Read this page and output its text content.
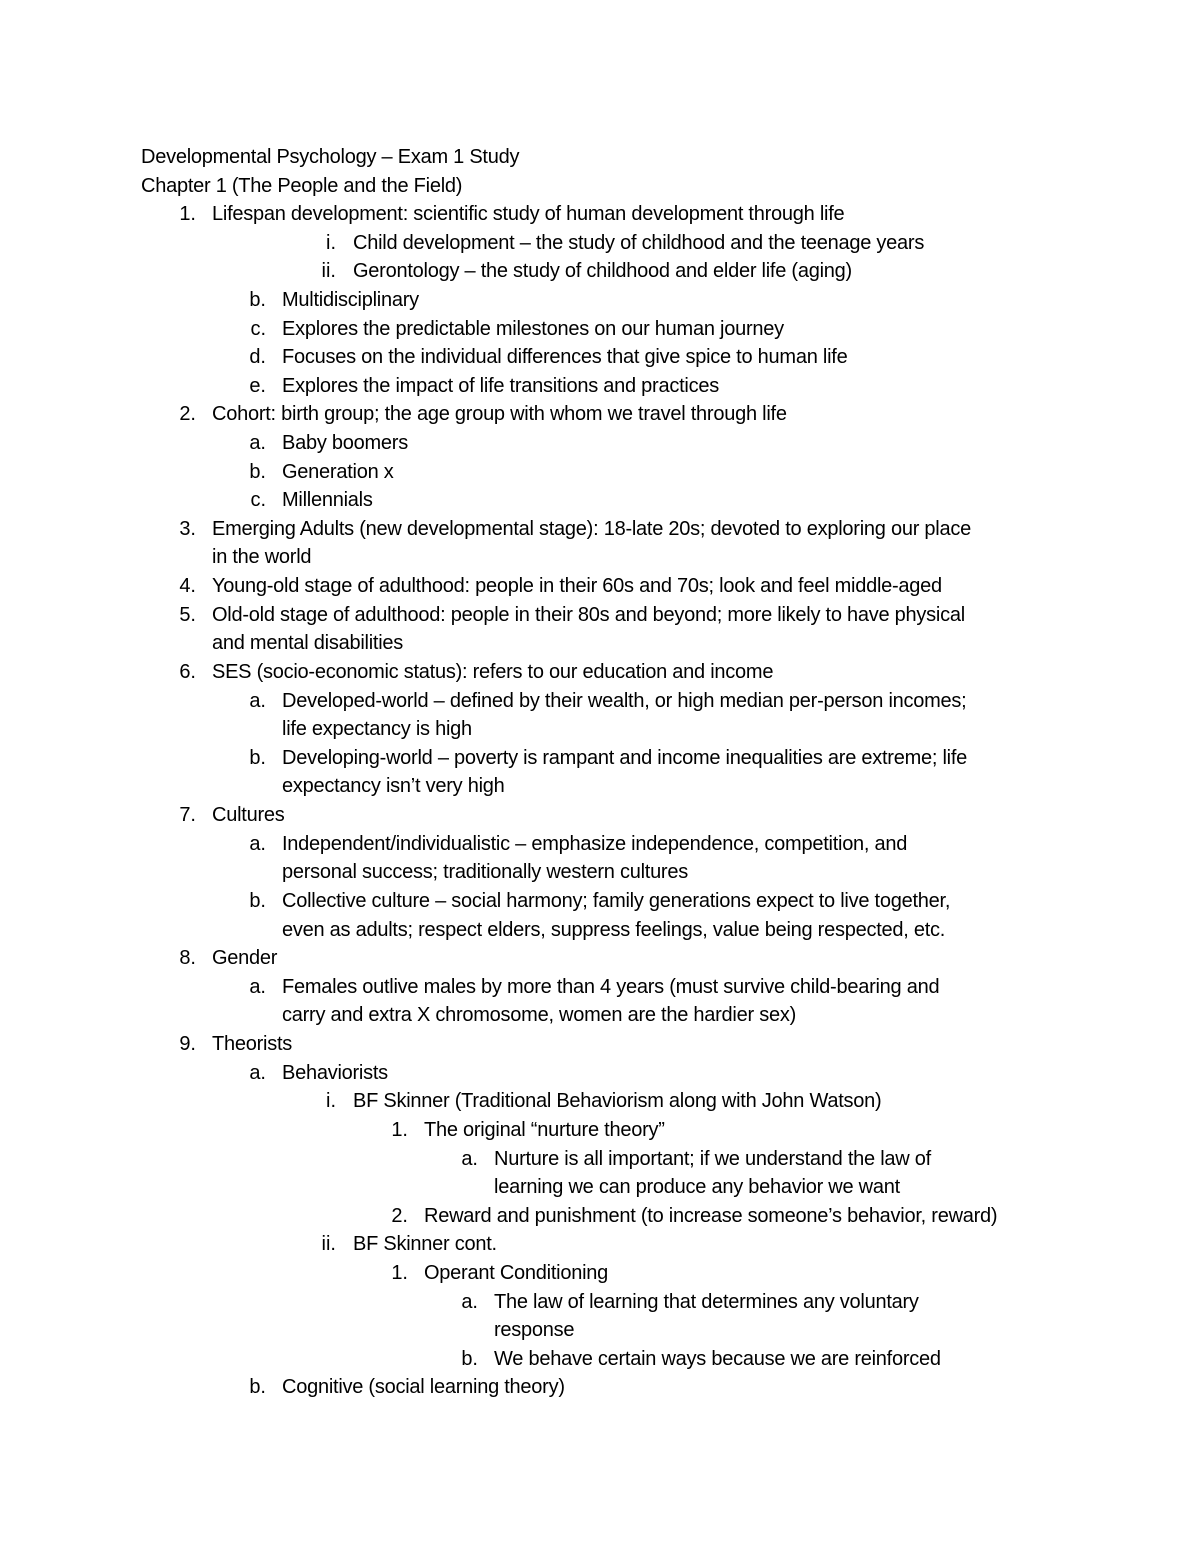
Developmental Psychology – Exam 1 Study
Chapter 1 (The People and the Field)
1. Lifespan development: scientific study of human development through life
i. Child development – the study of childhood and the teenage years
ii. Gerontology – the study of childhood and elder life (aging)
b. Multidisciplinary
c. Explores the predictable milestones on our human journey
d. Focuses on the individual differences that give spice to human life
e. Explores the impact of life transitions and practices
2. Cohort: birth group; the age group with whom we travel through life
a. Baby boomers
b. Generation x
c. Millennials
3. Emerging Adults (new developmental stage): 18-late 20s; devoted to exploring our place
in the world
4. Young-old stage of adulthood: people in their 60s and 70s; look and feel middle-aged
5. Old-old stage of adulthood: people in their 80s and beyond; more likely to have physical
and mental disabilities
6. SES (socio-economic status): refers to our education and income
a. Developed-world – defined by their wealth, or high median per-person incomes;
life expectancy is high
b. Developing-world – poverty is rampant and income inequalities are extreme; life
expectancy isn’t very high
7. Cultures
a. Independent/individualistic – emphasize independence, competition, and
personal success; traditionally western cultures
b. Collective culture – social harmony; family generations expect to live together,
even as adults; respect elders, suppress feelings, value being respected, etc.
8. Gender
a. Females outlive males by more than 4 years (must survive child-bearing and
carry and extra X chromosome, women are the hardier sex)
9. Theorists
a. Behaviorists
i. BF Skinner (Traditional Behaviorism along with John Watson)
1. The original “nurture theory”
a. Nurture is all important; if we understand the law of
learning we can produce any behavior we want
2. Reward and punishment (to increase someone’s behavior, reward)
ii. BF Skinner cont.
1. Operant Conditioning
a. The law of learning that determines any voluntary
response
b. We behave certain ways because we are reinforced
b. Cognitive (social learning theory)
